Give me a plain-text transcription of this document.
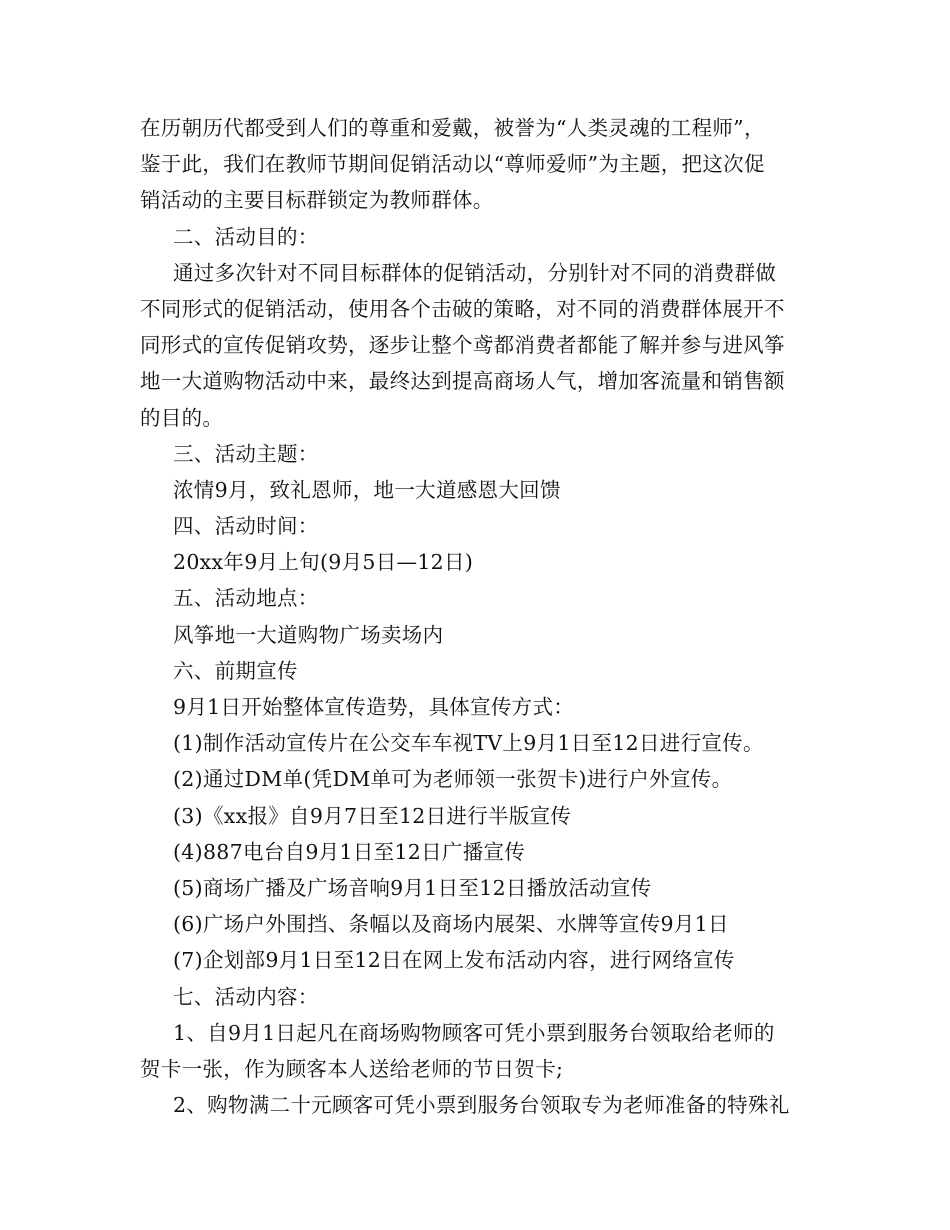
在历朝历代都受到人们的尊重和爱戴，被誉为“人类灵魂的工程师”，
鉴于此，我们在教师节期间促销活动以“尊师爱师”为主题，把这次促
销活动的主要目标群锁定为教师群体。
二、活动目的：
通过多次针对不同目标群体的促销活动，分别针对不同的消费群做
不同形式的促销活动，使用各个击破的策略，对不同的消费群体展开不
同形式的宣传促销攻势，逐步让整个鸢都消费者都能了解并参与进风筝
地一大道购物活动中来，最终达到提高商场人气，增加客流量和销售额
的目的。
三、活动主题：
浓情9月，致礼恩师，地一大道感恩大回馈
四、活动时间：
20xx年9月上旬(9月5日—12日)
五、活动地点：
风筝地一大道购物广场卖场内
六、前期宣传
9月1日开始整体宣传造势，具体宣传方式：
(1)制作活动宣传片在公交车车视TV上9月1日至12日进行宣传。
(2)通过DM单(凭DM单可为老师领一张贺卡)进行户外宣传。
(3)《xx报》自9月7日至12日进行半版宣传
(4)887电台自9月1日至12日广播宣传
(5)商场广播及广场音响9月1日至12日播放活动宣传
(6)广场户外围挡、条幅以及商场内展架、水牌等宣传9月1日
(7)企划部9月1日至12日在网上发布活动内容，进行网络宣传
七、活动内容：
1、自9月1日起凡在商场购物顾客可凭小票到服务台领取给老师的
贺卡一张，作为顾客本人送给老师的节日贺卡;
2、购物满二十元顾客可凭小票到服务台领取专为老师准备的特殊礼
